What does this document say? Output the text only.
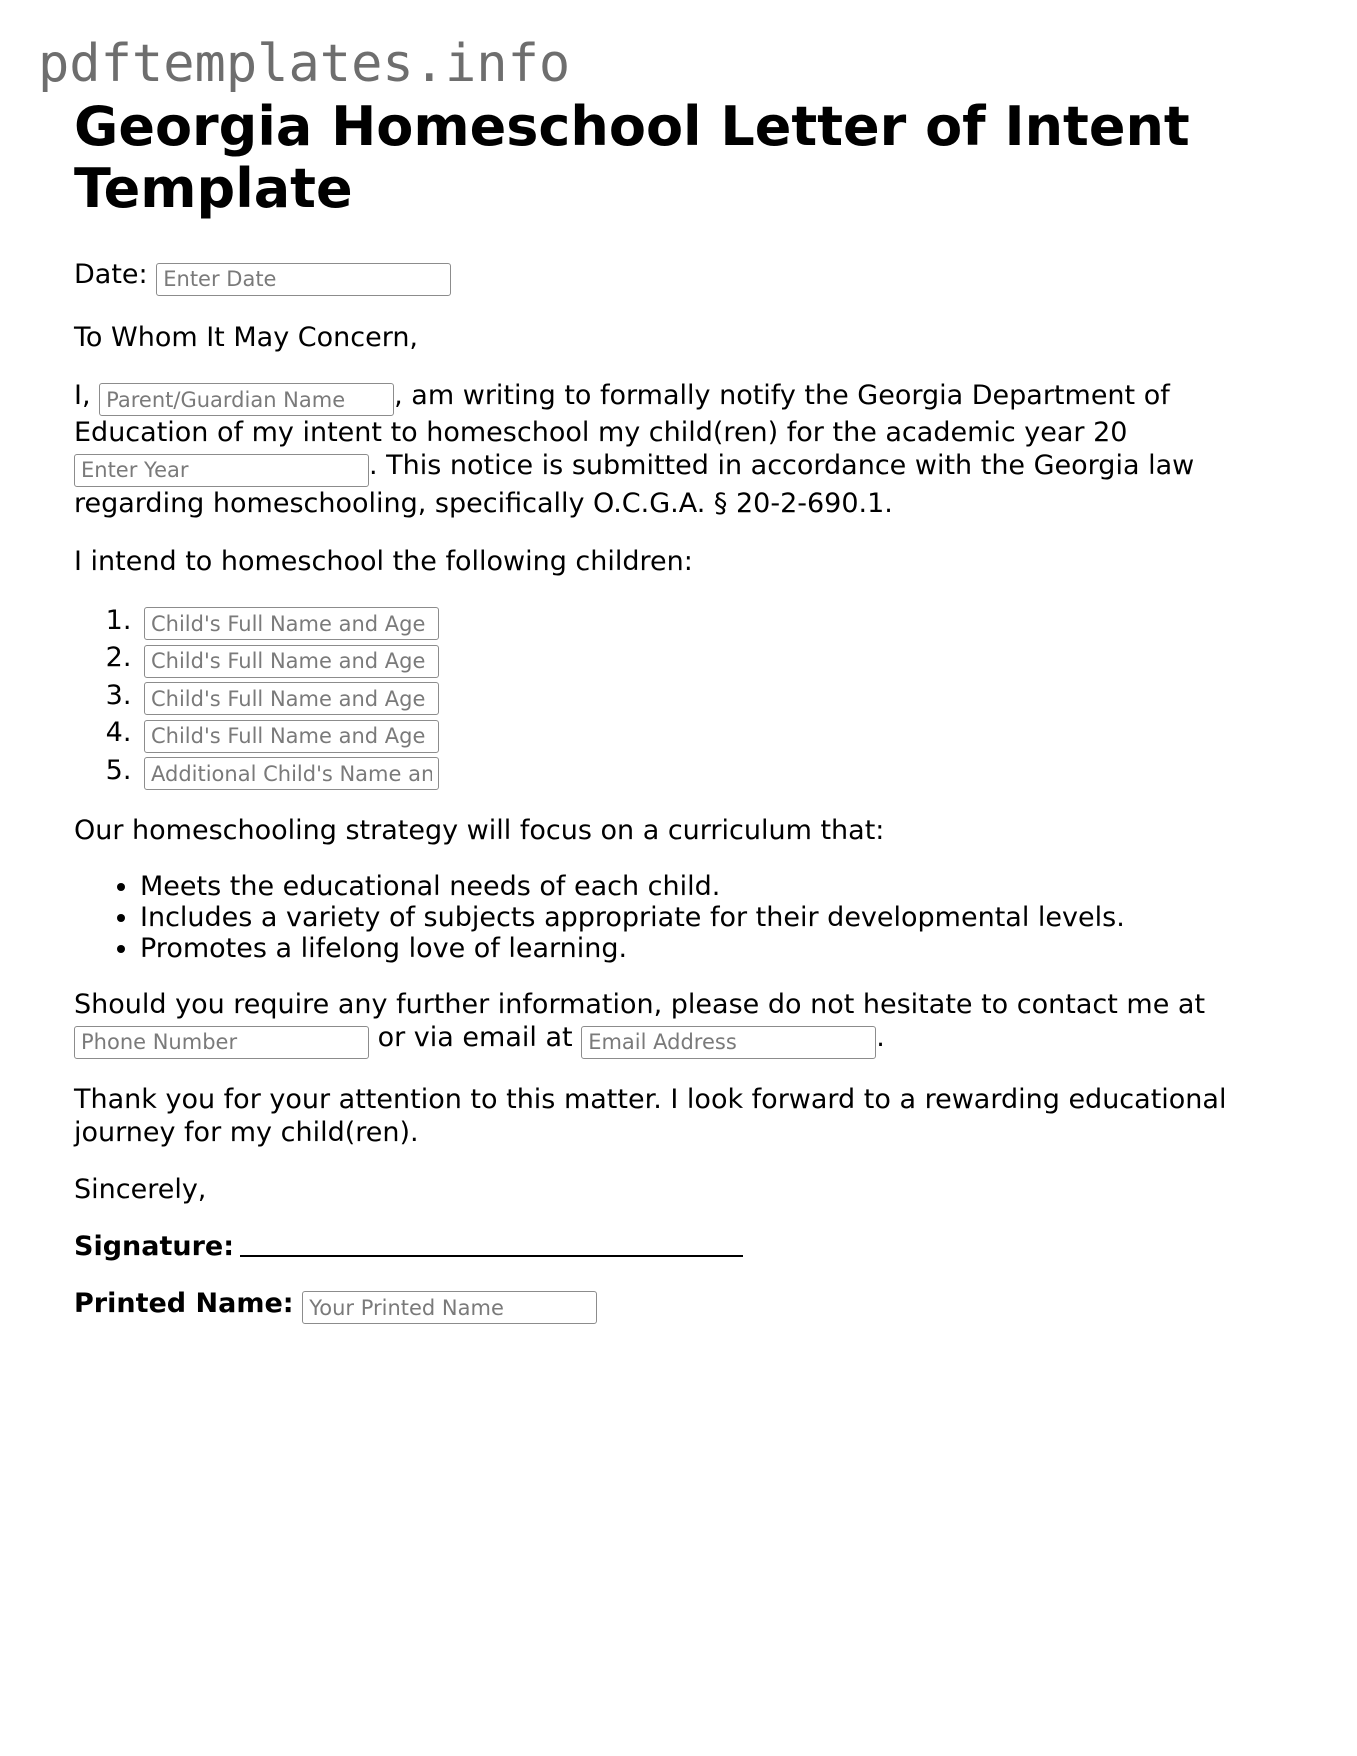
pdftemplates.info
Georgia Homeschool Letter of Intent Template

Date: Enter Date

To Whom It May Concern,

I, Parent/Guardian Name	, am writing to formally notify the Georgia Department of Education of my intent to homeschool my child(ren) for the academic year 20 Enter Year. This notice is submitted in accordance with the Georgia law regarding homeschooling, specifically O.C.G.A. § 20-2-690.1.

I intend to homeschool the following children:

1. Child's Full Name and Age
2. Child's Full Name and Age
3. Child's Full Name and Age
4. Child's Full Name and Age
5. Additional Child's Name and Age

Our homeschooling strategy will focus on a curriculum that:

• Meets the educational needs of each child.
• Includes a variety of subjects appropriate for their developmental levels.
• Promotes a lifelong love of learning.

Should you require any further information, please do not hesitate to contact me at Phone Number or via email at Email Address	.

Thank you for your attention to this matter. I look forward to a rewarding educational journey for my child(ren).

Sincerely,

Signature:

Printed Name: Your Printed Name
